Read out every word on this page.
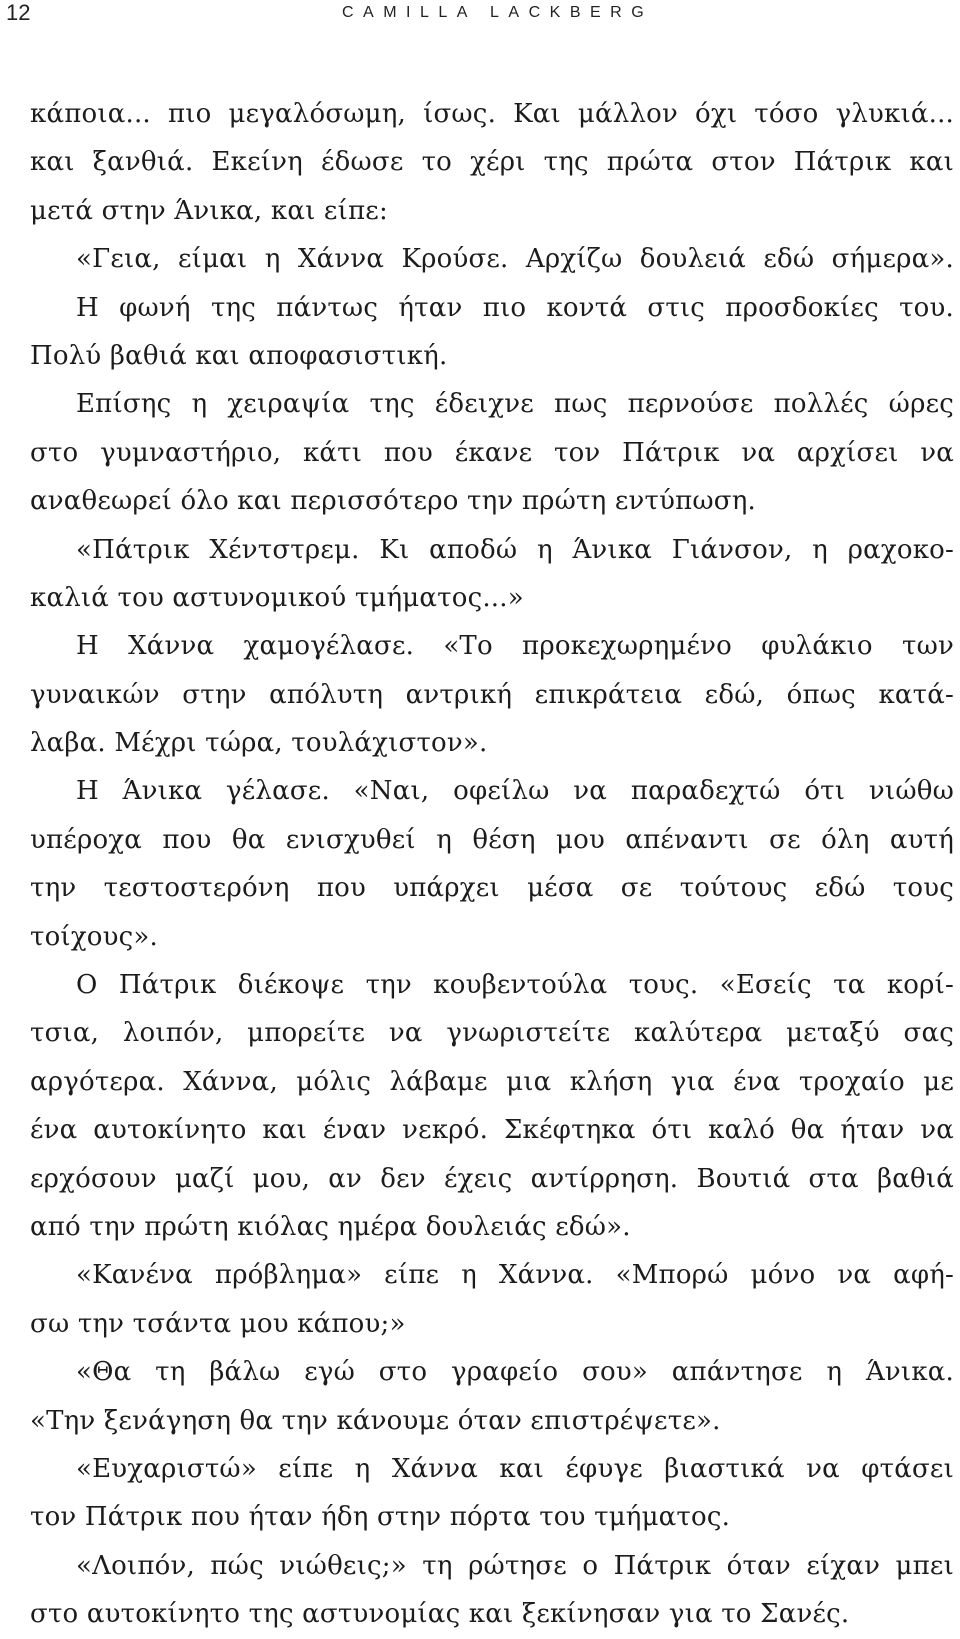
12	CAMILLA LACKBERG
κάποια... πιο μεγαλόσωμη, ίσως. Και μάλλον όχι τόσο γλυκιά...
και ξανθιά. Εκείνη έδωσε το χέρι της πρώτα στον Πάτρικ και
μετά στην Άνικα, και είπε:
«Γεια, είμαι η Χάννα Κρούσε. Αρχίζω δουλειά εδώ σήμερα».
Η φωνή της πάντως ήταν πιο κοντά στις προσδοκίες του.
Πολύ βαθιά και αποφασιστική.
Επίσης η χειραψία της έδειχνε πως περνούσε πολλές ώρες
στο γυμναστήριο, κάτι που έκανε τον Πάτρικ να αρχίσει να
αναθεωρεί όλο και περισσότερο την πρώτη εντύπωση.
«Πάτρικ Χέντστρεμ. Κι αποδώ η Άνικα Γιάνσον, η ραχοκο-
καλιά του αστυνομικού τμήματος...»
Η Χάννα χαμογέλασε. «Το προκεχωρημένο φυλάκιο των
γυναικών στην απόλυτη αντρική επικράτεια εδώ, όπως κατά-
λαβα. Μέχρι τώρα, τουλάχιστον».
Η Άνικα γέλασε. «Ναι, οφείλω να παραδεχτώ ότι νιώθω
υπέροχα που θα ενισχυθεί η θέση μου απέναντι σε όλη αυτή
την τεστοστερόνη που υπάρχει μέσα σε τούτους εδώ τους
τοίχους».
Ο Πάτρικ διέκοψε την κουβεντούλα τους. «Εσείς τα κορί-
τσια, λοιπόν, μπορείτε να γνωριστείτε καλύτερα μεταξύ σας
αργότερα. Χάννα, μόλις λάβαμε μια κλήση για ένα τροχαίο με
ένα αυτοκίνητο και έναν νεκρό. Σκέφτηκα ότι καλό θα ήταν να
ερχόσουν μαζί μου, αν δεν έχεις αντίρρηση. Βουτιά στα βαθιά
από την πρώτη κιόλας ημέρα δουλειάς εδώ».
«Κανένα πρόβλημα» είπε η Χάννα. «Μπορώ μόνο να αφή-
σω την τσάντα μου κάπου;»
«Θα τη βάλω εγώ στο γραφείο σου» απάντησε η Άνικα.
«Την ξενάγηση θα την κάνουμε όταν επιστρέψετε».
«Ευχαριστώ» είπε η Χάννα και έφυγε βιαστικά να φτάσει
τον Πάτρικ που ήταν ήδη στην πόρτα του τμήματος.
«Λοιπόν, πώς νιώθεις;» τη ρώτησε ο Πάτρικ όταν είχαν μπει
στο αυτοκίνητο της αστυνομίας και ξεκίνησαν για το Σανές.
